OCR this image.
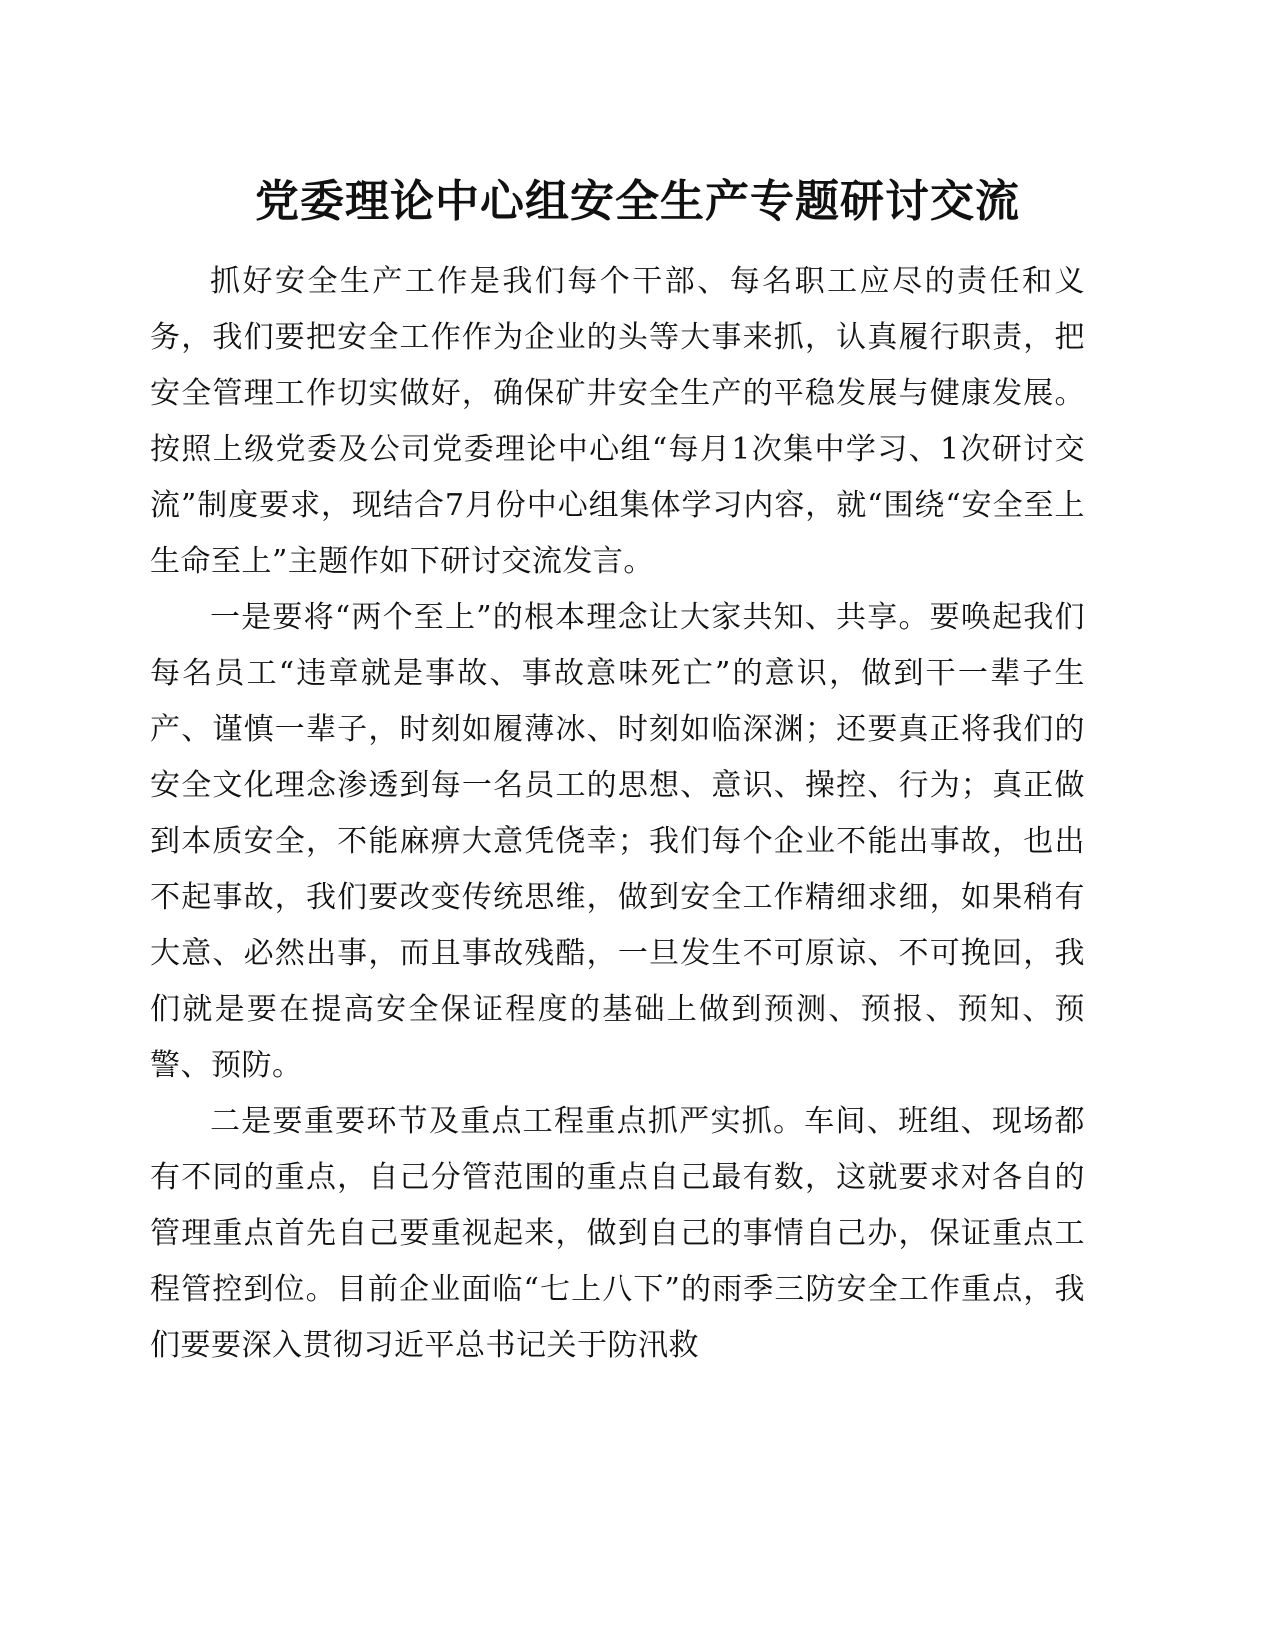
党委理论中心组安全生产专题研讨交流

抓好安全生产工作是我们每个干部、每名职工应尽的责任和义务，我们要把安全工作作为企业的头等大事来抓，认真履行职责，把安全管理工作切实做好，确保矿井安全生产的平稳发展与健康发展。按照上级党委及公司党委理论中心组“每月1次集中学习、1次研讨交流”制度要求，现结合7月份中心组集体学习内容，就“围绕“安全至上生命至上”主题作如下研讨交流发言。

一是要将“两个至上”的根本理念让大家共知、共享。要唤起我们每名员工“违章就是事故、事故意味死亡”的意识，做到干一辈子生产、谨慎一辈子，时刻如履薄冰、时刻如临深渊；还要真正将我们的安全文化理念渗透到每一名员工的思想、意识、操控、行为；真正做到本质安全，不能麻痹大意凭侥幸；我们每个企业不能出事故，也出不起事故，我们要改变传统思维，做到安全工作精细求细，如果稍有大意、必然出事，而且事故残酷，一旦发生不可原谅、不可挽回，我们就是要在提高安全保证程度的基础上做到预测、预报、预知、预警、预防。

二是要重要环节及重点工程重点抓严实抓。车间、班组、现场都有不同的重点，自己分管范围的重点自己最有数，这就要求对各自的管理重点首先自己要重视起来，做到自己的事情自己办，保证重点工程管控到位。目前企业面临“七上八下”的雨季三防安全工作重点，我们要要深入贯彻习近平总书记关于防汛救
